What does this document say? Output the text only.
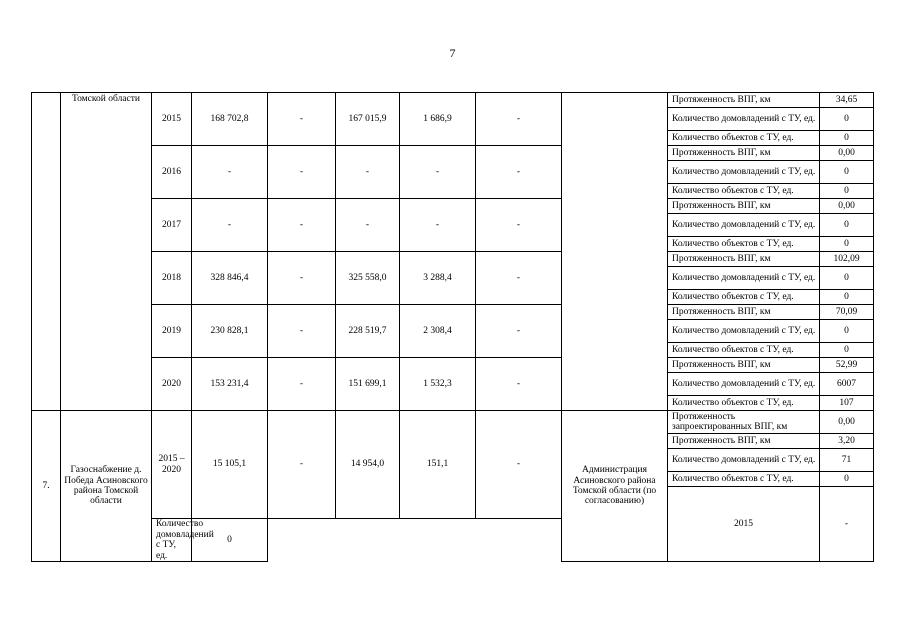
7
	Томской области	2015	168 702,8	-	167 015,9	1 686,9	-		Протяженность ВПГ, км	34,65	
									Количество домовладений с ТУ, ед.	0	
									Количество объектов с ТУ, ед.	0	
		2016	-	-	-	-	-		Протяженность ВПГ, км	0,00	
									Количество домовладений с ТУ, ед.	0	
									Количество объектов с ТУ, ед.	0	
		2017	-	-	-	-	-		Протяженность ВПГ, км	0,00	
									Количество домовладений с ТУ, ед.	0	
									Количество объектов с ТУ, ед.	0	
		2018	328 846,4	-	325 558,0	3 288,4	-		Протяженность ВПГ, км	102,09	
									Количество домовладений с ТУ, ед.	0	
									Количество объектов с ТУ, ед.	0	
		2019	230 828,1	-	228 519,7	2 308,4	-		Протяженность ВПГ, км	70,09	
									Количество домовладений с ТУ, ед.	0	
									Количество объектов с ТУ, ед.	0	
		2020	153 231,4	-	151 699,1	1 532,3	-		Протяженность ВПГ, км	52,99	
									Количество домовладений с ТУ, ед.	6007	
									Количество объектов с ТУ, ед.	107	
7.	Газоснабжение д. Победа Асиновского района Томской области	2015 – 2020	15 105,1	-	14 954,0	151,1	-	Администрация Асиновского района Томской области (по согласованию)	Протяженность запроектированных ВПГ, км	0,00	
									Протяженность ВПГ, км	3,20	
									Количество домовладений с ТУ, ед.	71	
									Количество объектов с ТУ, ед.	0	
									2015	-						
		Количество домовладений с ТУ, ед.	0								
